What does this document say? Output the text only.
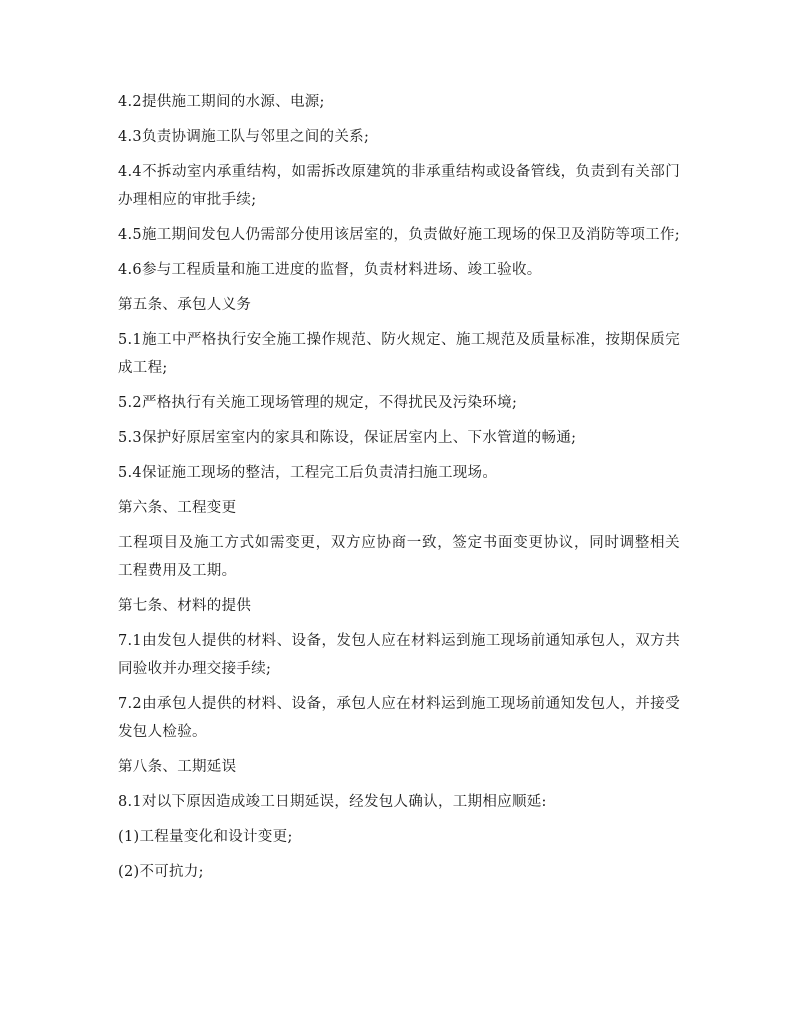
4.2提供施工期间的水源、电源;

4.3负责协调施工队与邻里之间的关系;

4.4不拆动室内承重结构，如需拆改原建筑的非承重结构或设备管线，负责到有关部门办理相应的审批手续;

4.5施工期间发包人仍需部分使用该居室的，负责做好施工现场的保卫及消防等项工作;

4.6参与工程质量和施工进度的监督，负责材料进场、竣工验收。

第五条、承包人义务

5.1施工中严格执行安全施工操作规范、防火规定、施工规范及质量标准，按期保质完成工程;

5.2严格执行有关施工现场管理的规定，不得扰民及污染环境;

5.3保护好原居室室内的家具和陈设，保证居室内上、下水管道的畅通;

5.4保证施工现场的整洁，工程完工后负责清扫施工现场。

第六条、工程变更

工程项目及施工方式如需变更，双方应协商一致，签定书面变更协议，同时调整相关工程费用及工期。

第七条、材料的提供

7.1由发包人提供的材料、设备，发包人应在材料运到施工现场前通知承包人，双方共同验收并办理交接手续;

7.2由承包人提供的材料、设备，承包人应在材料运到施工现场前通知发包人，并接受发包人检验。

第八条、工期延误

8.1对以下原因造成竣工日期延误，经发包人确认，工期相应顺延:

(1)工程量变化和设计变更;

(2)不可抗力;
